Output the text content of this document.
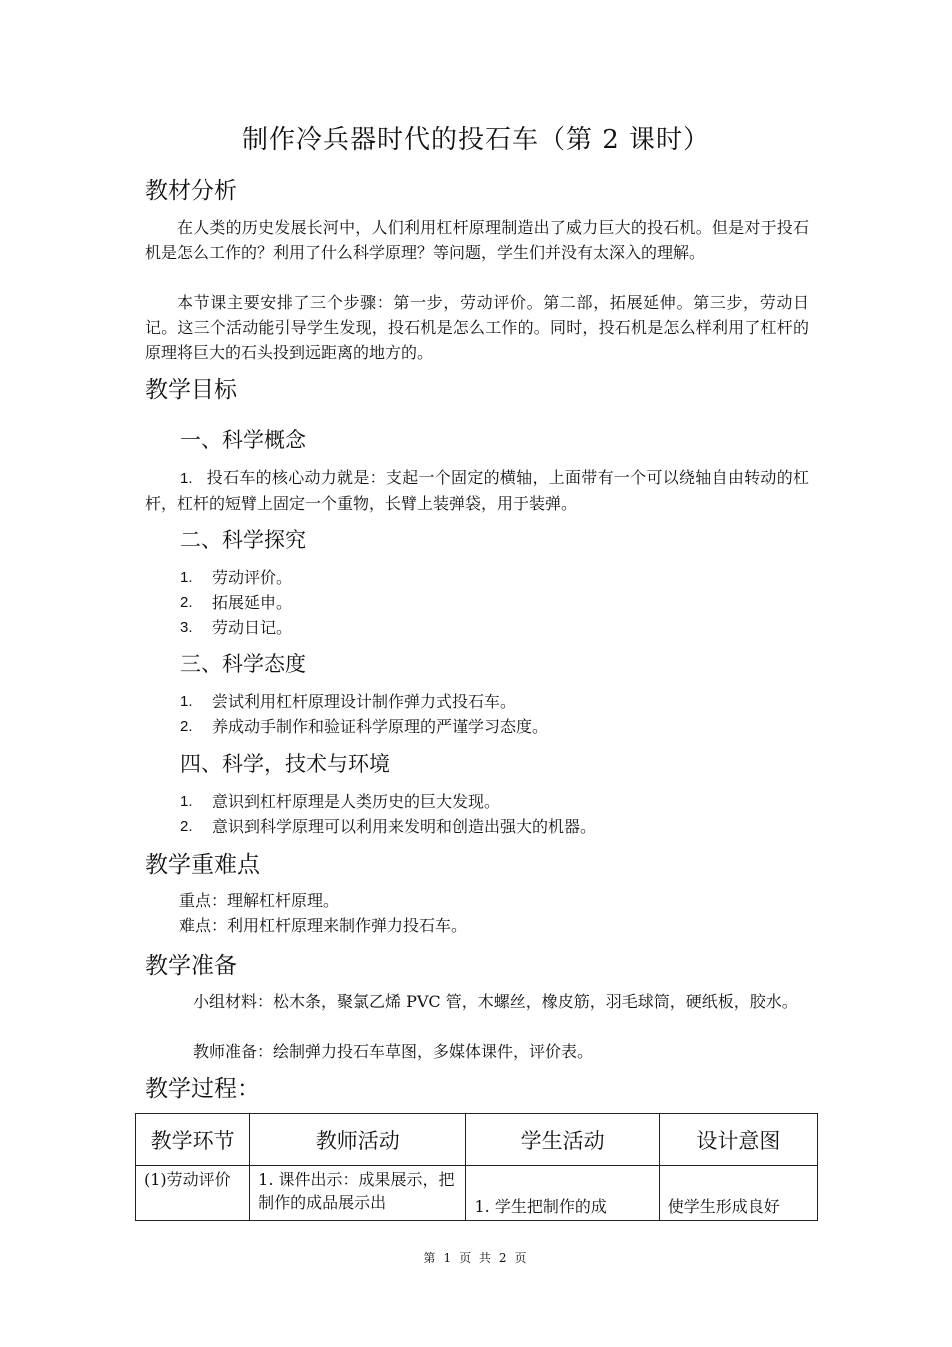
制作冷兵器时代的投石车（第 2 课时）
教材分析
在人类的历史发展长河中，人们利用杠杆原理制造出了威力巨大的投石机。但是对于投石机是怎么工作的？利用了什么科学原理？等问题，学生们并没有太深入的理解。
本节课主要安排了三个步骤：第一步，劳动评价。第二部，拓展延伸。第三步，劳动日记。这三个活动能引导学生发现，投石机是怎么工作的。同时，投石机是怎么样利用了杠杆的原理将巨大的石头投到远距离的地方的。
教学目标
一、科学概念
1. 投石车的核心动力就是：支起一个固定的横轴，上面带有一个可以绕轴自由转动的杠杆，杠杆的短臂上固定一个重物，长臂上装弹袋，用于装弹。
二、科学探究
1. 劳动评价。
2. 拓展延申。
3. 劳动日记。
三、科学态度
1. 尝试利用杠杆原理设计制作弹力式投石车。
2. 养成动手制作和验证科学原理的严谨学习态度。
四、科学，技术与环境
1. 意识到杠杆原理是人类历史的巨大发现。
2. 意识到科学原理可以利用来发明和创造出强大的机器。
教学重难点
重点：理解杠杆原理。
难点：利用杠杆原理来制作弹力投石车。
教学准备
小组材料：松木条，聚氯乙烯 PVC 管，木螺丝，橡皮筋，羽毛球筒，硬纸板，胶水。
教师准备：绘制弹力投石车草图，多媒体课件，评价表。
教学过程：
教学环节	教师活动	学生活动	设计意图
(1)劳动评价	1. 课件出示：成果展示，把制作的成品展示出	1. 学生把制作的成	使学生形成良好
第 1 页 共 2 页
